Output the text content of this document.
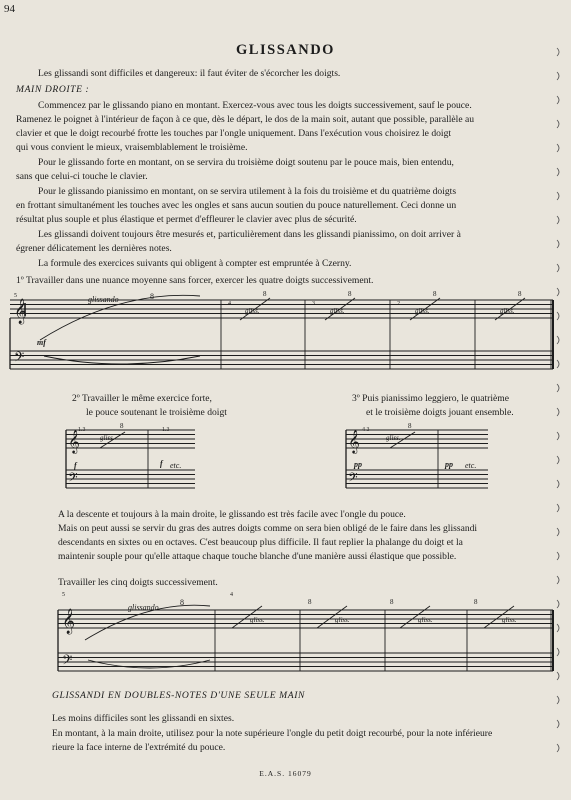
94
GLISSANDO
Les glissandi sont difficiles et dangereux: il faut éviter de s'écorcher les doigts.
MAIN DROITE :
Commencez par le glissando piano en montant. Exercez-vous avec tous les doigts successivement, sauf le pouce.
Ramenez le poignet à l'intérieur de façon à ce que, dès le départ, le dos de la main soit, autant que possible, parallèle au
clavier et que le doigt recourbé frotte les touches par l'ongle uniquement. Dans l'exécution vous choisirez le doigt
qui vous convient le mieux, vraisemblablement le troisième.
Pour le glissando forte en montant, on se servira du troisième doigt soutenu par le pouce mais, bien entendu,
sans que celui-ci touche le clavier.
Pour le glissando pianissimo en montant, on se servira utilement à la fois du troisième et du quatrième doigts
en frottant simultanément les touches avec les ongles et sans aucun soutien du pouce naturellement. Ceci donne un
résultat plus souple et plus élastique et permet d'effleurer le clavier avec plus de sécurité.
Les glissandi doivent toujours être mesurés et, particulièrement dans les glissandi pianissimo, on doit arriver à
égrener délicatement les dernières notes.
La formule des exercices suivants qui obligent à compter est empruntée à Czerny.
1º Travailler dans une nuance moyenne sans forcer, exercer les quatre doigts successivement.
2º Travailler le même exercice forte,
le pouce soutenant le troisième doigt
3º Puis pianissimo leggiero, le quatrième
et le troisième doigts jouant ensemble.
A la descente et toujours à la main droite, le glissando est très facile avec l'ongle du pouce.
Mais on peut aussi se servir du gras des autres doigts comme on sera bien obligé de le faire dans les glissandi
descendants en sixtes ou en octaves. C'est beaucoup plus difficile. Il faut replier la phalange du doigt et la
maintenir souple pour qu'elle attaque chaque touche blanche d'une manière aussi élastique que possible.
Travailler les cinq doigts successivement.
GLISSANDI EN DOUBLES-NOTES D'UNE SEULE MAIN
Les moins difficiles sont les glissandi en sixtes.
En montant, à la main droite, utilisez pour la note supérieure l'ongle du petit doigt recourbé, pour la note inférieure
rieure la face interne de l'extrémité du pouce.
E.A.S. 16079
glissando	8
gliss.	gliss.	gliss.	gliss.
8	8	8	8
mf
5
4	3	2
1.3	1.3
gliss.
8
f	f etc.
4 3
gliss.
8
pp	pp etc.
glissando
8
5	4
gliss.	gliss.	gliss.	gliss.
8	8	8
𝄞
𝄞	𝄞
𝄞
𝄢
𝄢	𝄢
𝄢
